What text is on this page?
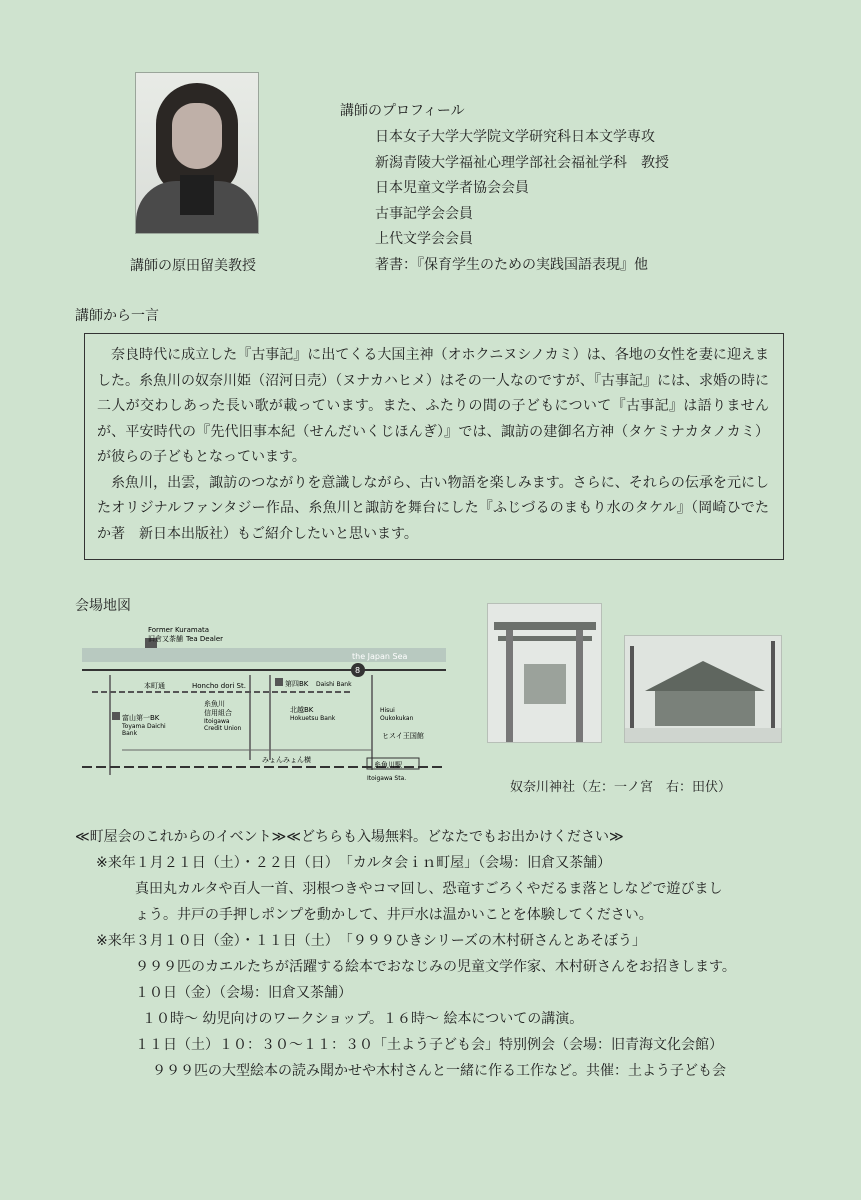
講師の原田留美教授
講師のプロフィール
日本女子大学大学院文学研究科日本文学専攻
新潟青陵大学福祉心理学部社会福祉学科　教授
日本児童文学者協会会員
古事記学会会員
上代文学会会員
著書：『保育学生のための実践国語表現』他
講師から一言

奈良時代に成立した『古事記』に出てくる大国主神（オホクニヌシノカミ）は、各地の女性を妻に迎えました。糸魚川の奴奈川姫（沼河日売）（ヌナカハヒメ）はその一人なのですが、『古事記』には、求婚の時に二人が交わしあった長い歌が載っています。また、ふたりの間の子どもについて『古事記』は語りませんが、平安時代の『先代旧事本紀（せんだいくじほんぎ）』では、諏訪の建御名方神（タケミナカタノカミ）が彼らの子どもとなっています。

糸魚川，出雲，諏訪のつながりを意識しながら、古い物語を楽しみます。さらに、それらの伝承を元にしたオリジナルファンタジー作品、糸魚川と諏訪を舞台にした『ふじづるのまもり水のタケル』（岡崎ひでたか著　新日本出版社）もご紹介したいと思います。

会場地図
the Japan Sea
8
本町通	Honcho dori St.
みょんみょん横
Former Kuramata
旧倉又茶舗 Tea Dealer
第四BK Daishi Bank
富山第一BK
Toyama Daichi
Bank
糸魚川
信用組合
Itoigawa
Credit Union
北越BK
Hokuetsu Bank
Hisui
Oukokukan
ヒスイ王国館
糸魚川駅
Itoigawa Sta.
奴奈川神社（左：一ノ宮　右：田伏）
≪町屋会のこれからのイベント≫≪どちらも入場無料。どなたでもお出かけください≫
※来年１月２１日（土）・２２日（日）　「カルタ会ｉｎ町屋」（会場：旧倉又茶舗）
真田丸カルタや百人一首、羽根つきやコマ回し、恐竜すごろくやだるま落としなどで遊びまし
ょう。井戸の手押しポンプを動かして、井戸水は温かいことを体験してください。
※来年３月１０日（金）・１１日（土）　「９９９ひきシリーズの木村研さんとあそぼう」
９９９匹のカエルたちが活躍する絵本でおなじみの児童文学作家、木村研さんをお招きします。
１０日（金）（会場：旧倉又茶舗）
１０時～ 幼児向けのワークショップ。１６時～ 絵本についての講演。
１１日（土）１０：３０～１１：３０「土よう子ども会」特別例会（会場：旧青海文化会館）
９９９匹の大型絵本の読み聞かせや木村さんと一緒に作る工作など。共催：土よう子ども会
